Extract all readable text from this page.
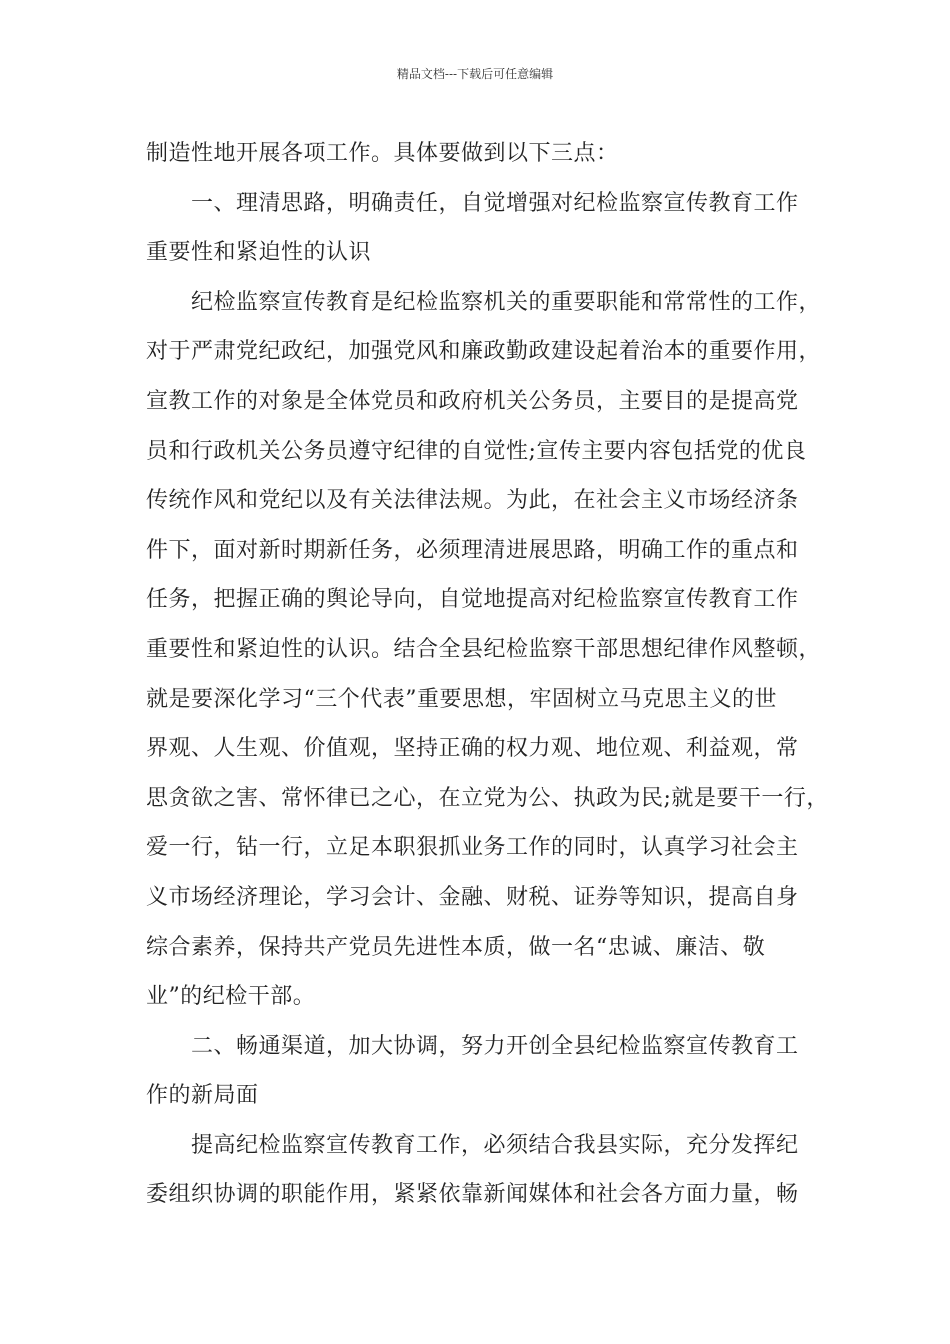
精品文档---下载后可任意编辑
制造性地开展各项工作。具体要做到以下三点：
一、理清思路，明确责任，自觉增强对纪检监察宣传教育工作
重要性和紧迫性的认识
纪检监察宣传教育是纪检监察机关的重要职能和常常性的工作，
对于严肃党纪政纪，加强党风和廉政勤政建设起着治本的重要作用，
宣教工作的对象是全体党员和政府机关公务员，主要目的是提高党
员和行政机关公务员遵守纪律的自觉性;宣传主要内容包括党的优良
传统作风和党纪以及有关法律法规。为此，在社会主义市场经济条
件下，面对新时期新任务，必须理清进展思路，明确工作的重点和
任务，把握正确的舆论导向，自觉地提高对纪检监察宣传教育工作
重要性和紧迫性的认识。结合全县纪检监察干部思想纪律作风整顿，
就是要深化学习“三个代表”重要思想，牢固树立马克思主义的世
界观、人生观、价值观，坚持正确的权力观、地位观、利益观，常
思贪欲之害、常怀律已之心，在立党为公、执政为民;就是要干一行，
爱一行，钻一行，立足本职狠抓业务工作的同时，认真学习社会主
义市场经济理论，学习会计、金融、财税、证券等知识，提高自身
综合素养，保持共产党员先进性本质，做一名“忠诚、廉洁、敬
业”的纪检干部。
二、畅通渠道，加大协调，努力开创全县纪检监察宣传教育工
作的新局面
提高纪检监察宣传教育工作，必须结合我县实际，充分发挥纪
委组织协调的职能作用，紧紧依靠新闻媒体和社会各方面力量，畅
